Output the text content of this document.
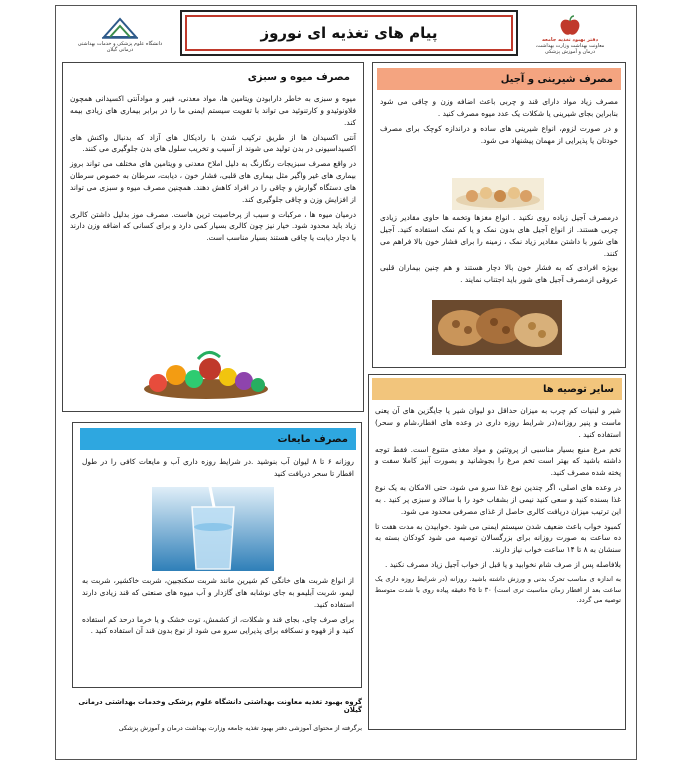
دانشگاه علوم پزشکی و خدمات بهداشتی درمانی گیلان
پیام های تغذیه ای نوروز	دفتر بهبود تغذیه جامعه
معاونت بهداشت وزارت بهداشت، درمان و آموزش پزشکی
مصرف شیرینی و آجیل

مصرف زیاد مواد دارای قند و چربی باعث اضافه وزن و چاقی می شود بنابراین بجای شیرینی یا شکلات یک عدد میوه مصرف کنید .

و در صورت لزوم، انواع شیرینی های ساده و دراندازه کوچک برای مصرف خودتان یا پذیرایی از مهمان پیشنهاد می شود.

درمصرف آجیل زیاده روی نکنید . انواع مغزها وتخمه ها حاوی مقادیر زیادی چربی هستند. از انواع آجیل های بدون نمک و یا کم نمک استفاده کنید. آجیل های شور با داشتن مقادیر زیاد نمک ، زمینه را برای فشار خون بالا فراهم می کنند.

بویژه افرادی که به فشار خون بالا دچار هستند و هم چنین بیماران قلبی عروقی ازمصرف آجیل های شور باید اجتناب نمایند .

مصرف میوه و سبزی

میوه و سبزی به خاطر دارابودن ویتامین ها، مواد معدنی، فیبر و موادآنتی اکسیدانی همچون فلاونوئیدو و کارتنوئید می تواند با تقویت سیستم ایمنی ما را در برابر بیماری های زیادی بیمه کند.

آنتی اکسیدان ها از طریق ترکیب شدن با رادیکال های آزاد که بدنبال واکنش های اکسیداسیونی در بدن تولید می شوند از آسیب و تخریب سلول های بدن جلوگیری می کنند.

در واقع مصرف سبزیجات رنگارنگ به دلیل املاح معدنی و ویتامین های مختلف می تواند بروز بیماری های غیر واگیر مثل بیماری های قلبی، فشار خون ، دیابت، سرطان به خصوص سرطان های دستگاه گوارش و چاقی را در افراد کاهش دهند. همچنین مصرف میوه و سبزی می تواند از افزایش وزن و چاقی جلوگیری کند.

درمیان میوه ها ، مرکبات و سیب از پرخاصیت ترین هاست. مصرف موز بدلیل داشتن کالری زیاد باید محدود شود. خیار نیز چون کالری بسیار کمی دارد و برای کسانی که اضافه وزن دارند یا دچار دیابت یا چاقی هستند بسیار مناسب است.

مصرف مایعات

روزانه ۶ تا ۸ لیوان آب بنوشید .در شرایط روزه داری آب و مایعات کافی را در طول افطار تا سحر دریافت کنید

از انواع شربت های خانگی کم شیرین مانند شربت سکنجبین، شربت خاکشیر، شربت به لیمو، شربت آبلیمو به جای نوشابه های گازدار و آب میوه های صنعتی که قند زیادی دارند استفاده کنید.

برای صرف چای، بجای قند و شکلات، از کشمش، توت خشک و یا خرما درحد کم استفاده کنید و از قهوه و نسکافه برای پذیرایی سرو می شود از نوع بدون قند آن استفاده کنید .

سایر توصیه ها

شیر و لبنیات کم چرب به میزان حداقل دو لیوان شیر یا جایگزین های آن یعنی ماست و پنیر روزانه(در شرایط روزه داری در وعده های افطار،شام و سحر) استفاده کنید .

تخم مرغ منبع بسیار مناسبی از پروتئین و مواد مغذی متنوع است. فقط توجه داشته باشید که بهتر است تخم مرغ را بجوشانید و بصورت آبپز کاملا سفت و پخته شده مصرف کنید.

در وعده های اصلی، اگر چندین نوع غذا سرو می شود، حتی الامکان به یک نوع غذا بسنده کنید و سعی کنید نیمی از بشقاب خود را با سالاد و سبزی پر کنید . به این ترتیب میزان دریافت کالری حاصل از غذای مصرفی محدود می شود.

کمبود خواب باعث ضعیف شدن سیستم ایمنی می شود .خوابیدن به مدت هفت تا ده ساعت به صورت روزانه برای بزرگسالان توصیه می شود کودکان بسته به سنشان به ۸ تا ۱۴ ساعت خواب نیاز دارند.

بلافاصله پس از صرف شام نخوابید و یا قبل از خواب آجیل زیاد مصرف نکنید .

به اندازه ی مناسب تحرک بدنی و ورزش داشته باشید. روزانه (در شرایط روزه داری یک ساعت بعد از افطار زمان مناسبت تری است) ۳۰ تا ۴۵ دقیقه پیاده روی با شدت متوسط توصیه می گردد.

گروه بهبود تغذیه معاونت بهداشتی دانشگاه علوم پزشکی وخدمات بهداشتی درمانی گیلان
برگرفته از محتوای آموزشی دفتر بهبود تغذیه جامعه وزارت بهداشت درمان و آموزش پزشکی
